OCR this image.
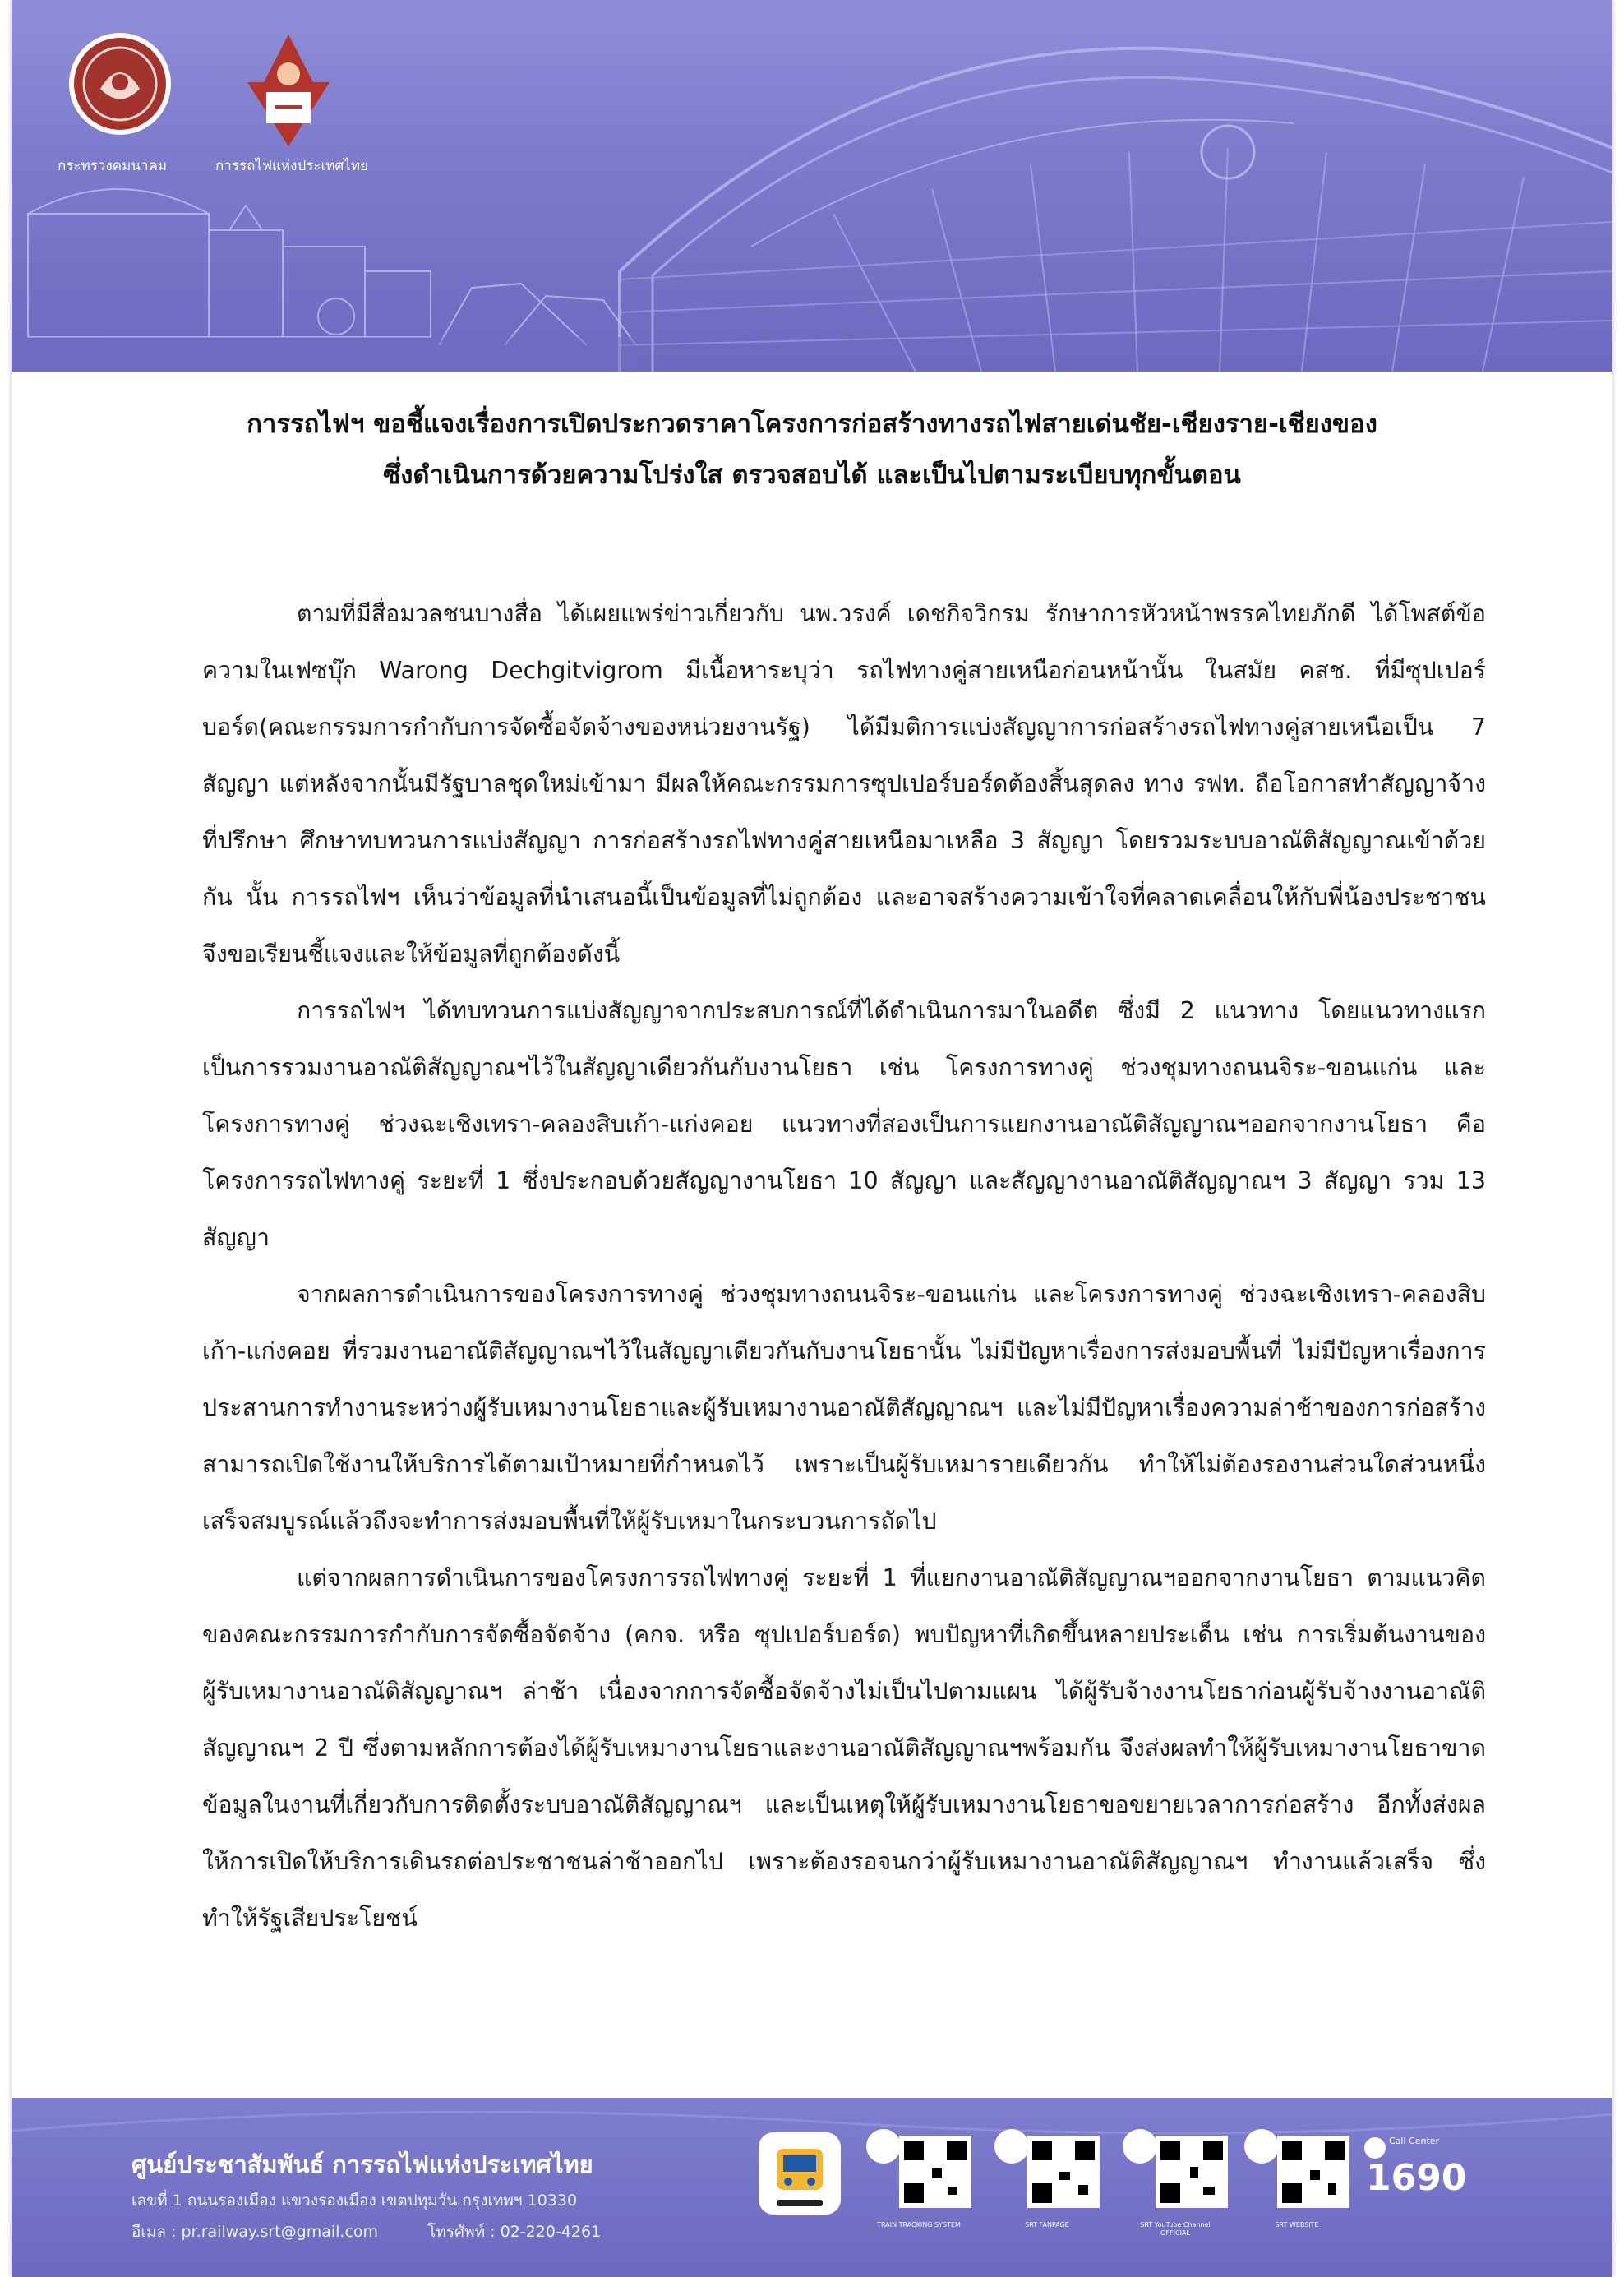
กระทรวงคมนาคม	การรถไฟแห่งประเทศไทย
การรถไฟฯ ขอชี้แจงเรื่องการเปิดประกวดราคาโครงการก่อสร้างทางรถไฟสายเด่นชัย-เชียงราย-เชียงของ
ซึ่งดำเนินการด้วยความโปร่งใส ตรวจสอบได้ และเป็นไปตามระเบียบทุกขั้นตอน

ตามที่มีสื่อมวลชนบางสื่อ ได้เผยแพร่ข่าวเกี่ยวกับ นพ.วรงค์ เดชกิจวิกรม รักษาการหัวหน้าพรรคไทยภักดี ได้โพสต์ข้อความในเฟซบุ๊ก Warong Dechgitvigrom มีเนื้อหาระบุว่า รถไฟทางคู่สายเหนือก่อนหน้านั้น ในสมัย คสช. ที่มีซุปเปอร์บอร์ด(คณะกรรมการกำกับการจัดซื้อจัดจ้างของหน่วยงานรัฐ) ได้มีมติการแบ่งสัญญาการก่อสร้างรถไฟทางคู่สายเหนือเป็น 7 สัญญา แต่หลังจากนั้นมีรัฐบาลชุดใหม่เข้ามา มีผลให้คณะกรรมการซุปเปอร์บอร์ดต้องสิ้นสุดลง ทาง รฟท. ถือโอกาสทำสัญญาจ้างที่ปรึกษา ศึกษาทบทวนการแบ่งสัญญา การก่อสร้างรถไฟทางคู่สายเหนือมาเหลือ 3 สัญญา โดยรวมระบบอาณัติสัญญาณเข้าด้วยกัน นั้น การรถไฟฯ เห็นว่าข้อมูลที่นำเสนอนี้เป็นข้อมูลที่ไม่ถูกต้อง และอาจสร้างความเข้าใจที่คลาดเคลื่อนให้กับพี่น้องประชาชน จึงขอเรียนชี้แจงและให้ข้อมูลที่ถูกต้องดังนี้

การรถไฟฯ ได้ทบทวนการแบ่งสัญญาจากประสบการณ์ที่ได้ดำเนินการมาในอดีต ซึ่งมี 2 แนวทาง โดยแนวทางแรกเป็นการรวมงานอาณัติสัญญาณฯไว้ในสัญญาเดียวกันกับงานโยธา เช่น โครงการทางคู่ ช่วงชุมทางถนนจิระ-ขอนแก่น และโครงการทางคู่ ช่วงฉะเชิงเทรา-คลองสิบเก้า-แก่งคอย แนวทางที่สองเป็นการแยกงานอาณัติสัญญาณฯออกจากงานโยธา คือ โครงการรถไฟทางคู่ ระยะที่ 1 ซึ่งประกอบด้วยสัญญางานโยธา 10 สัญญา และสัญญางานอาณัติสัญญาณฯ 3 สัญญา รวม 13 สัญญา

จากผลการดำเนินการของโครงการทางคู่ ช่วงชุมทางถนนจิระ-ขอนแก่น และโครงการทางคู่ ช่วงฉะเชิงเทรา-คลองสิบเก้า-แก่งคอย ที่รวมงานอาณัติสัญญาณฯไว้ในสัญญาเดียวกันกับงานโยธานั้น ไม่มีปัญหาเรื่องการส่งมอบพื้นที่ ไม่มีปัญหาเรื่องการประสานการทำงานระหว่างผู้รับเหมางานโยธาและผู้รับเหมางานอาณัติสัญญาณฯ และไม่มีปัญหาเรื่องความล่าช้าของการก่อสร้าง สามารถเปิดใช้งานให้บริการได้ตามเป้าหมายที่กำหนดไว้ เพราะเป็นผู้รับเหมารายเดียวกัน ทำให้ไม่ต้องรองานส่วนใดส่วนหนึ่งเสร็จสมบูรณ์แล้วถึงจะทำการส่งมอบพื้นที่ให้ผู้รับเหมาในกระบวนการถัดไป

แต่จากผลการดำเนินการของโครงการรถไฟทางคู่ ระยะที่ 1 ที่แยกงานอาณัติสัญญาณฯออกจากงานโยธา ตามแนวคิดของคณะกรรมการกำกับการจัดซื้อจัดจ้าง (คกจ. หรือ ซุปเปอร์บอร์ด) พบปัญหาที่เกิดขึ้นหลายประเด็น เช่น การเริ่มต้นงานของผู้รับเหมางานอาณัติสัญญาณฯ ล่าช้า เนื่องจากการจัดซื้อจัดจ้างไม่เป็นไปตามแผน ได้ผู้รับจ้างงานโยธาก่อนผู้รับจ้างงานอาณัติสัญญาณฯ 2 ปี ซึ่งตามหลักการต้องได้ผู้รับเหมางานโยธาและงานอาณัติสัญญาณฯพร้อมกัน จึงส่งผลทำให้ผู้รับเหมางานโยธาขาดข้อมูลในงานที่เกี่ยวกับการติดตั้งระบบอาณัติสัญญาณฯ และเป็นเหตุให้ผู้รับเหมางานโยธาขอขยายเวลาการก่อสร้าง อีกทั้งส่งผลให้การเปิดให้บริการเดินรถต่อประชาชนล่าช้าออกไป เพราะต้องรอจนกว่าผู้รับเหมางานอาณัติสัญญาณฯ ทำงานแล้วเสร็จ ซึ่งทำให้รัฐเสียประโยชน์

ศูนย์ประชาสัมพันธ์ การรถไฟแห่งประเทศไทย
เลขที่ 1 ถนนรองเมือง แขวงรองเมือง เขตปทุมวัน กรุงเทพฯ 10330
อีเมล : pr.railway.srt@gmail.com	โทรศัพท์ : 02-220-4261	TRAIN TRACKING SYSTEM	SRT FANPAGE	SRT YouTube Channel OFFICIAL
SRT WEBSITE
Call Center
1690
